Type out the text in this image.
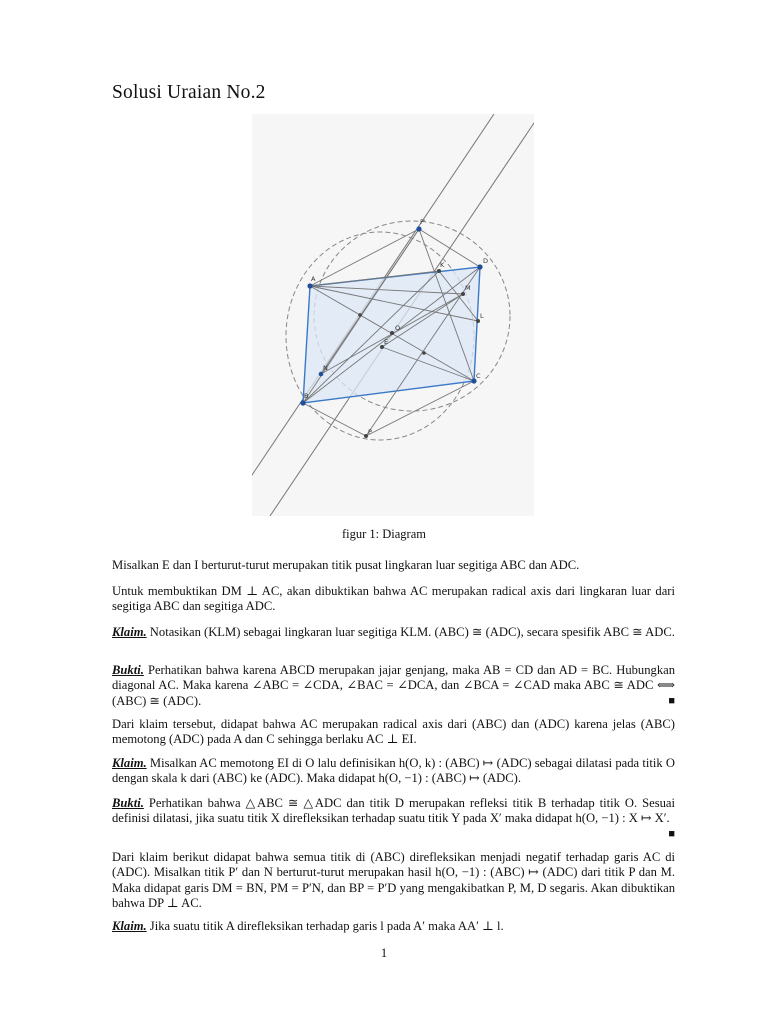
Solusi Uraian No.2
P'
K	D
A
M
L
O
E
N
C
B
P
figur 1: Diagram

Misalkan E dan I berturut-turut merupakan titik pusat lingkaran luar segitiga ABC dan ADC.

Untuk membuktikan DM ⊥ AC, akan dibuktikan bahwa AC merupakan radical axis dari lingkaran luar dari segitiga ABC dan segitiga ADC.

Klaim. Notasikan (KLM) sebagai lingkaran luar segitiga KLM. (ABC) ≅ (ADC), secara spesifik ABC ≅ ADC.

Bukti. Perhatikan bahwa karena ABCD merupakan jajar genjang, maka AB = CD dan AD = BC. Hubungkan diagonal AC. Maka karena ∠ABC = ∠CDA, ∠BAC = ∠DCA, dan ∠BCA = ∠CAD maka ABC ≅ ADC ⟺ (ABC) ≅ (ADC).	■

Dari klaim tersebut, didapat bahwa AC merupakan radical axis dari (ABC) dan (ADC) karena jelas (ABC) memotong (ADC) pada A dan C sehingga berlaku AC ⊥ EI.

Klaim. Misalkan AC memotong EI di O lalu definisikan h(O, k) : (ABC) ↦ (ADC) sebagai dilatasi pada titik O dengan skala k dari (ABC) ke (ADC). Maka didapat h(O, −1) : (ABC) ↦ (ADC).

Bukti. Perhatikan bahwa △ABC ≅ △ADC dan titik D merupakan refleksi titik B terhadap titik O. Sesuai definisi dilatasi, jika suatu titik X direfleksikan terhadap suatu titik Y pada X′ maka didapat h(O, −1) : X ↦ X′.
■

Dari klaim berikut didapat bahwa semua titik di (ABC) direfleksikan menjadi negatif terhadap garis AC di (ADC). Misalkan titik P′ dan N berturut-turut merupakan hasil h(O, −1) : (ABC) ↦ (ADC) dari titik P dan M. Maka didapat garis DM = BN, PM = P′N, dan BP = P′D yang mengakibatkan P, M, D segaris. Akan dibuktikan bahwa DP ⊥ AC.

Klaim. Jika suatu titik A direfleksikan terhadap garis l pada A′ maka AA′ ⊥ l.

1
